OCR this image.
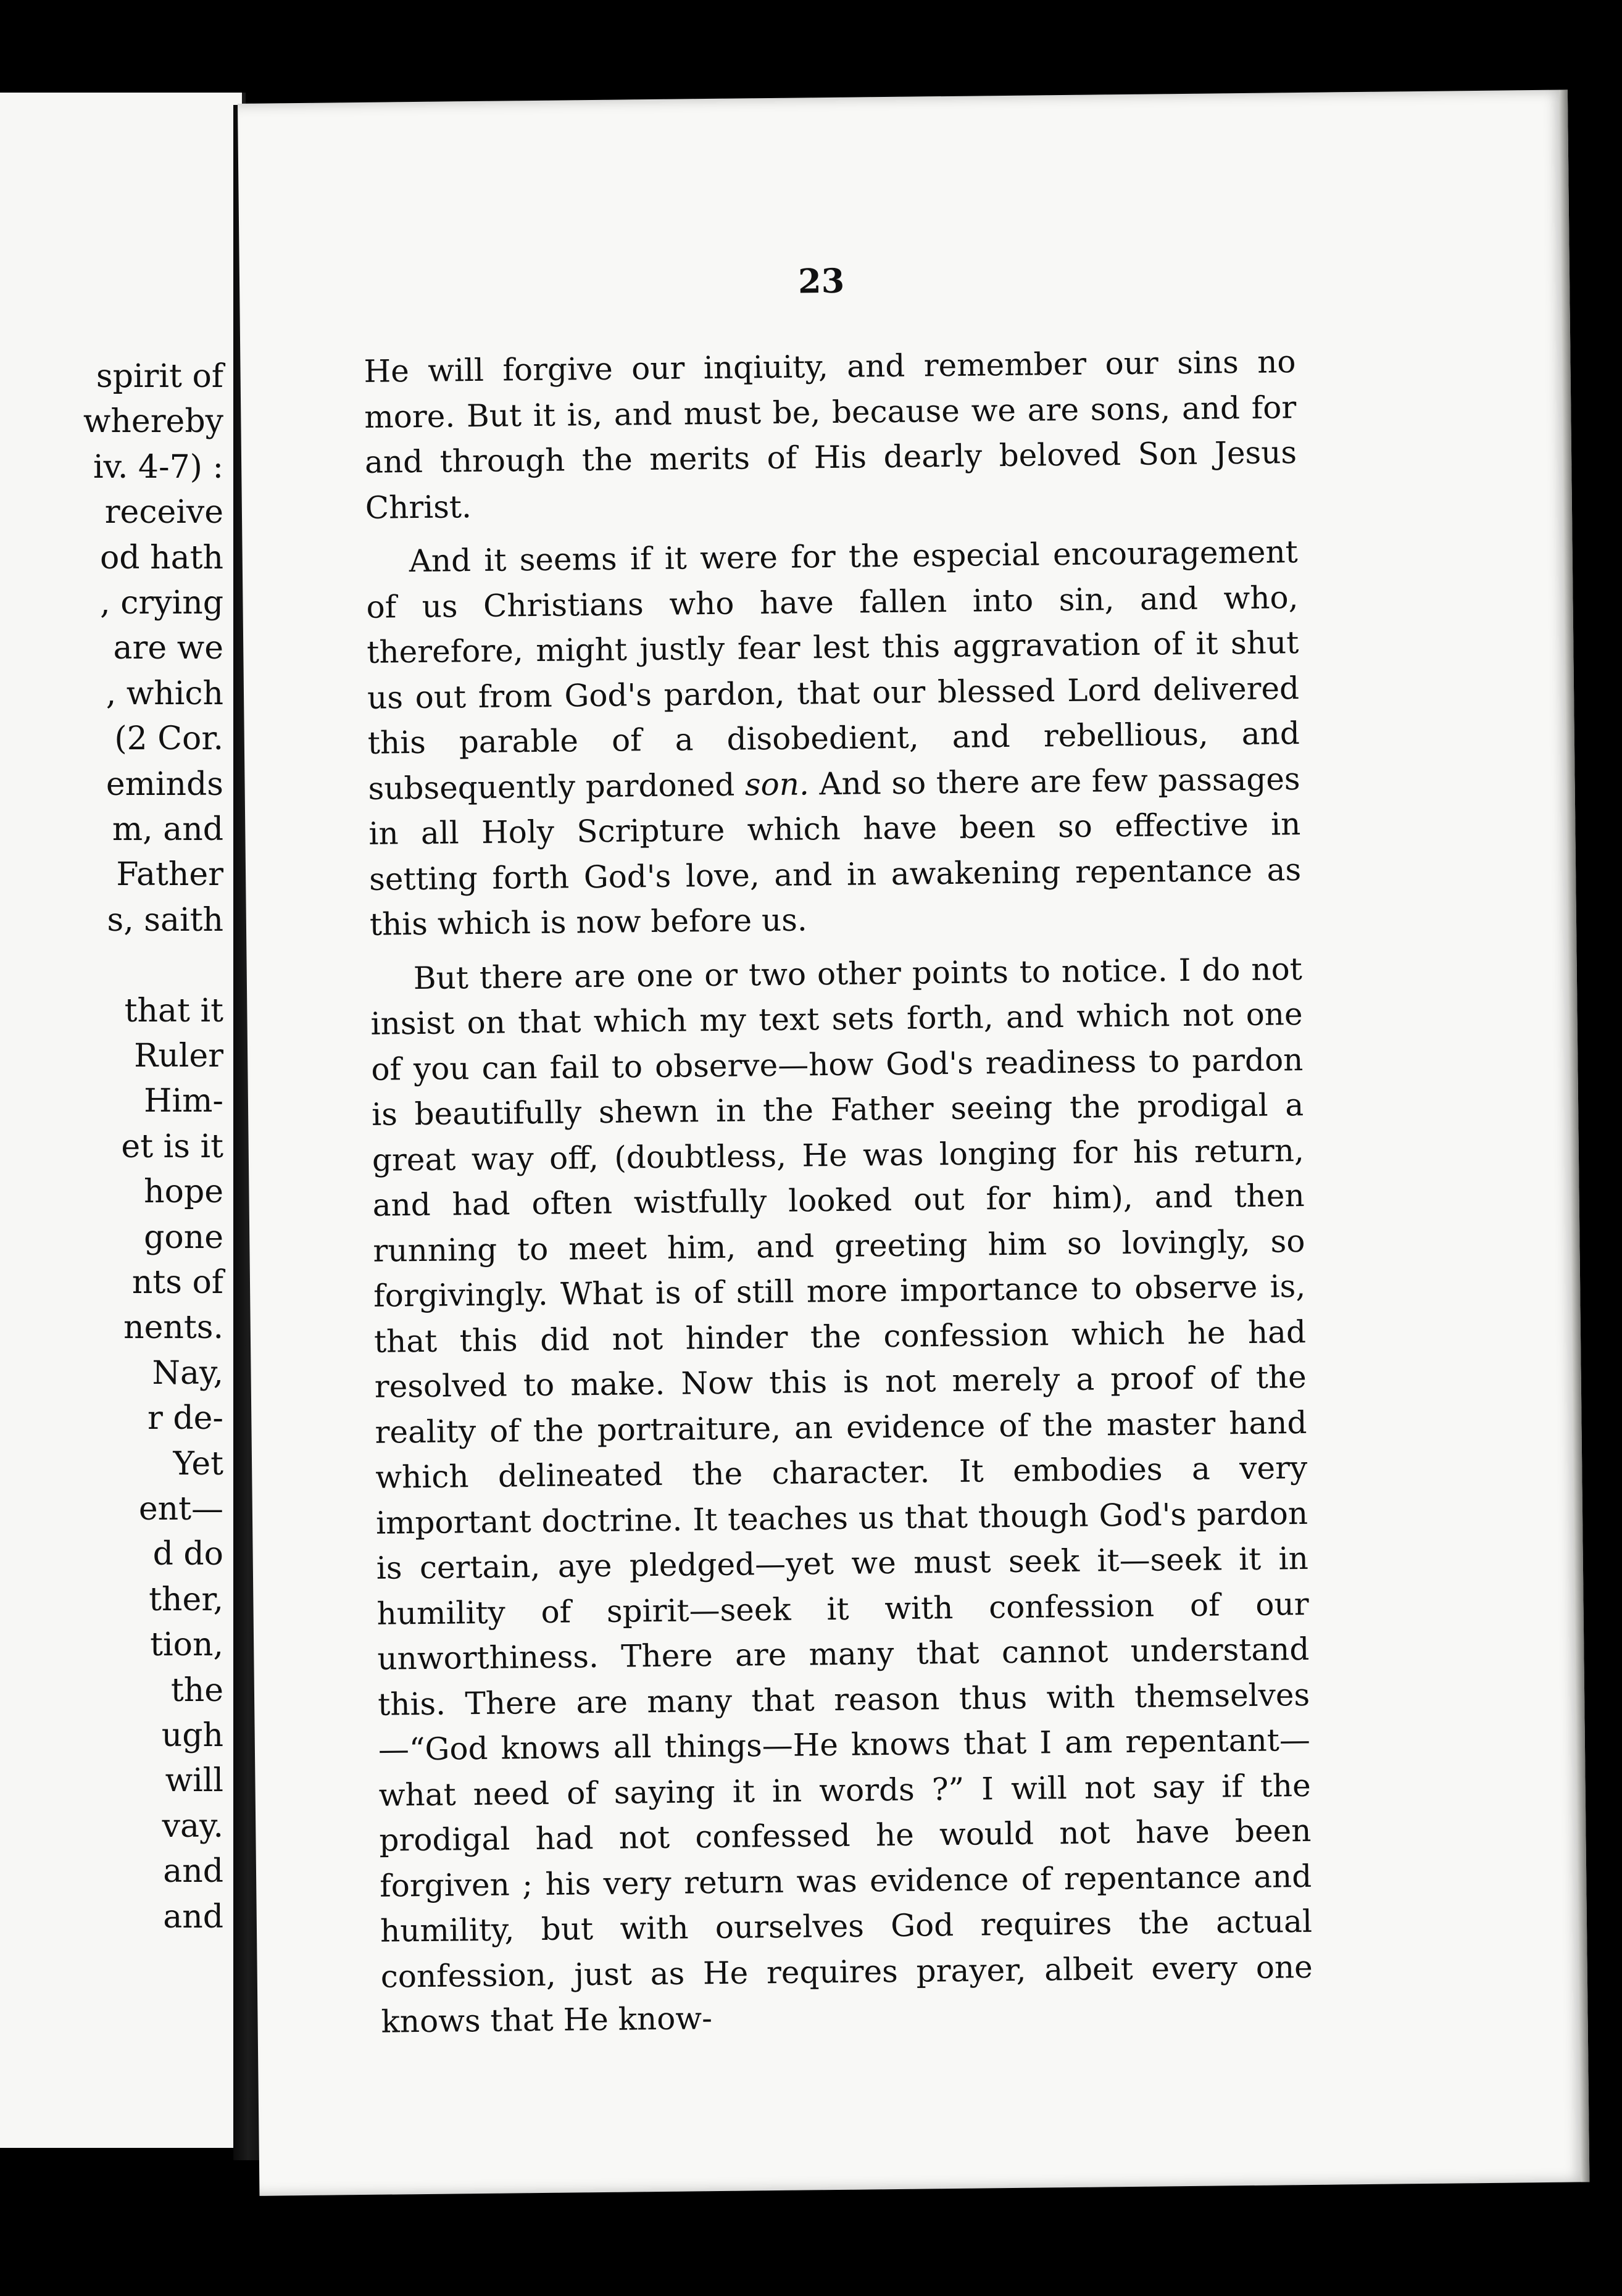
spirit of
whereby
iv. 4-7) :
receive
od hath
, crying
are we
, which
(2 Cor.
eminds
m, and
Father
s, saith
that it
Ruler
Him-
et is it
hope
gone
nts of
nents.
Nay,
r de-
Yet
ent—
d do
ther,
tion,
the
ugh
will
vay.
and
and
23

He will forgive our inqiuity, and remember our sins no more. But it is, and must be, because we are sons, and for and through the merits of His dearly beloved Son Jesus Christ.

And it seems if it were for the especial encouragement of us Christians who have fallen into sin, and who, therefore, might justly fear lest this aggravation of it shut us out from God's pardon, that our blessed Lord delivered this parable of a disobedient, and rebellious, and subsequently pardoned son. And so there are few passages in all Holy Scripture which have been so effective in setting forth God's love, and in awakening repentance as this which is now before us.

But there are one or two other points to notice. I do not insist on that which my text sets forth, and which not one of you can fail to observe—how God's readiness to pardon is beautifully shewn in the Father seeing the prodigal a great way off, (doubtless, He was longing for his return, and had often wistfully looked out for him), and then running to meet him, and greeting him so lovingly, so forgivingly. What is of still more importance to observe is, that this did not hinder the confession which he had resolved to make. Now this is not merely a proof of the reality of the portraiture, an evidence of the master hand which delineated the character. It embodies a very important doctrine. It teaches us that though God's pardon is certain, aye pledged—yet we must seek it—seek it in humility of spirit—seek it with confession of our unworthiness. There are many that cannot understand this. There are many that reason thus with themselves—“God knows all things—He knows that I am repentant—what need of saying it in words ?” I will not say if the prodigal had not confessed he would not have been forgiven ; his very return was evidence of repentance and humility, but with ourselves God requires the actual confession, just as He requires prayer, albeit every one knows that He know-
